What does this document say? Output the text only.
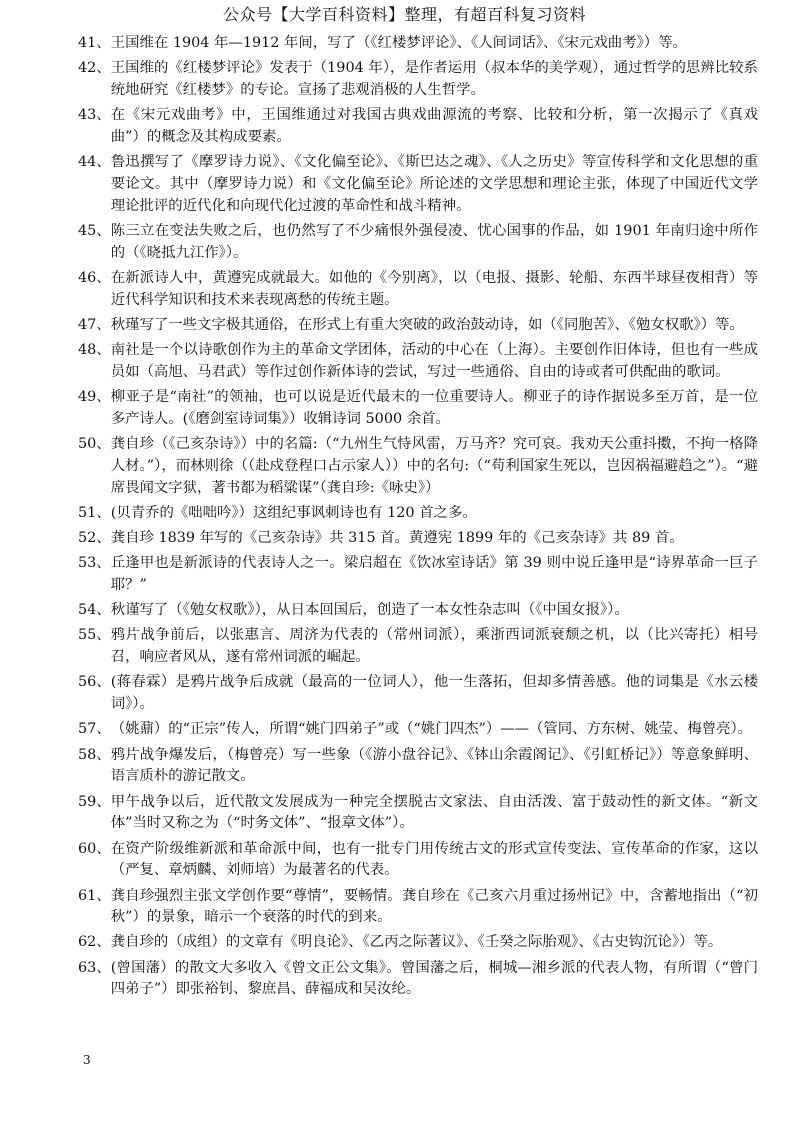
公众号【大学百科资料】整理，有超百科复习资料
41、 王国维在 1904 年—1912 年间，写了（《红楼梦评论》、《人间词话》、《宋元戏曲考》）等。
42、 王国维的《红楼梦评论》发表于（1904 年），是作者运用（叔本华的美学观），通过哲学的思辨比较系统地研究《红楼梦》的专论。宣扬了悲观消极的人生哲学。
43、 在《宋元戏曲考》中，王国维通过对我国古典戏曲源流的考察、比较和分析，第一次揭示了《真戏曲”）的概念及其构成要素。
44、 鲁迅撰写了《摩罗诗力说》、《文化偏至论》、《斯巴达之魂》、《人之历史》等宣传科学和文化思想的重要论文。其中（摩罗诗力说）和《文化偏至论》所论述的文学思想和理论主张，体现了中国近代文学理论批评的近代化和向现代化过渡的革命性和战斗精神。
45、 陈三立在变法失败之后，也仍然写了不少痛恨外强侵凌、忧心国事的作品，如 1901 年南归途中所作的（《晓抵九江作》）。
46、 在新派诗人中，黄遵宪成就最大。如他的《今别离》，以（电报、摄影、轮船、东西半球昼夜相背）等近代科学知识和技术来表现离愁的传统主题。
47、 秋瑾写了一些文字极其通俗，在形式上有重大突破的政治鼓动诗，如（《同胞苦》、《勉女权歌》）等。
48、 南社是一个以诗歌创作为主的革命文学团体，活动的中心在（上海）。主要创作旧体诗，但也有一些成员如（高旭、马君武）等作过创作新体诗的尝试，写过一些通俗、自由的诗或者可供配曲的歌词。
49、 柳亚子是“南社”的领袖，也可以说是近代最末的一位重要诗人。柳亚子的诗作据说多至万首，是一位多产诗人。(《磨剑室诗词集》）收辑诗词 5000 余首。
50、 龚自珍（《己亥杂诗》）中的名篇:（“九州生气恃风雷，万马齐？究可哀。我劝天公重抖擞，不拘一格降人材。”），而林则徐（（赴戍登程口占示家人））中的名句:（“苟利国家生死以，岂因祸福避趋之”）。“避席畏闻文字狱，著书都为稻粱谋”（龚自珍:《咏史》）
51、 (贝青乔的《咄咄吟》）这组纪事讽刺诗也有 120 首之多。
52、 龚自珍 1839 年写的《己亥杂诗》共 315 首。黄遵宪 1899 年的《己亥杂诗》共 89 首。
53、 丘逢甲也是新派诗的代表诗人之一。梁启超在《饮冰室诗话》第 39 则中说丘逢甲是“诗界革命一巨子耶？”
54、 秋谨写了（《勉女权歌》），从日本回国后，创造了一本女性杂志叫（《中国女报》）。
55、 鸦片战争前后，以张惠言、周济为代表的（常州词派），乘浙西词派衰颓之机，以（比兴寄托）相号召，响应者风从，遂有常州词派的崛起。
56、 (蒋春霖）是鸦片战争后成就（最高的一位词人），他一生落拓，但却多情善感。他的词集是《水云楼词》）。
57、 （姚鼐）的“正宗”传人，所谓“姚门四弟子”或（“姚门四杰”）——（管同、方东树、姚莹、梅曾亮）。
58、 鸦片战争爆发后，（梅曾亮）写一些象（《游小盘谷记》、《钵山余霞阁记》、《引虹桥记》）等意象鲜明、语言质朴的游记散文。
59、 甲午战争以后，近代散文发展成为一种完全摆脱古文家法、自由活泼、富于鼓动性的新文体。“新文体”当时又称之为（“时务文体”、“报章文体”）。
60、 在资产阶级维新派和革命派中间，也有一批专门用传统古文的形式宣传变法、宣传革命的作家，这以（严复、章炳麟、刘师培）为最著名的代表。
61、 龚自珍强烈主张文学创作要“尊情”，要畅情。龚自珍在《己亥六月重过扬州记》中，含蓄地指出（“初秋”）的景象，暗示一个衰落的时代的到来。
62、 龚自珍的（成组）的文章有《明良论》、《乙丙之际著议》、《壬癸之际胎观》、《古史钩沉论》）等。
63、 (曾国藩）的散文大多收入《曾文正公文集》。曾国藩之后，桐城—湘乡派的代表人物，有所谓（“曾门四弟子”）即张裕钊、黎庶昌、薛福成和吴汝纶。
3
